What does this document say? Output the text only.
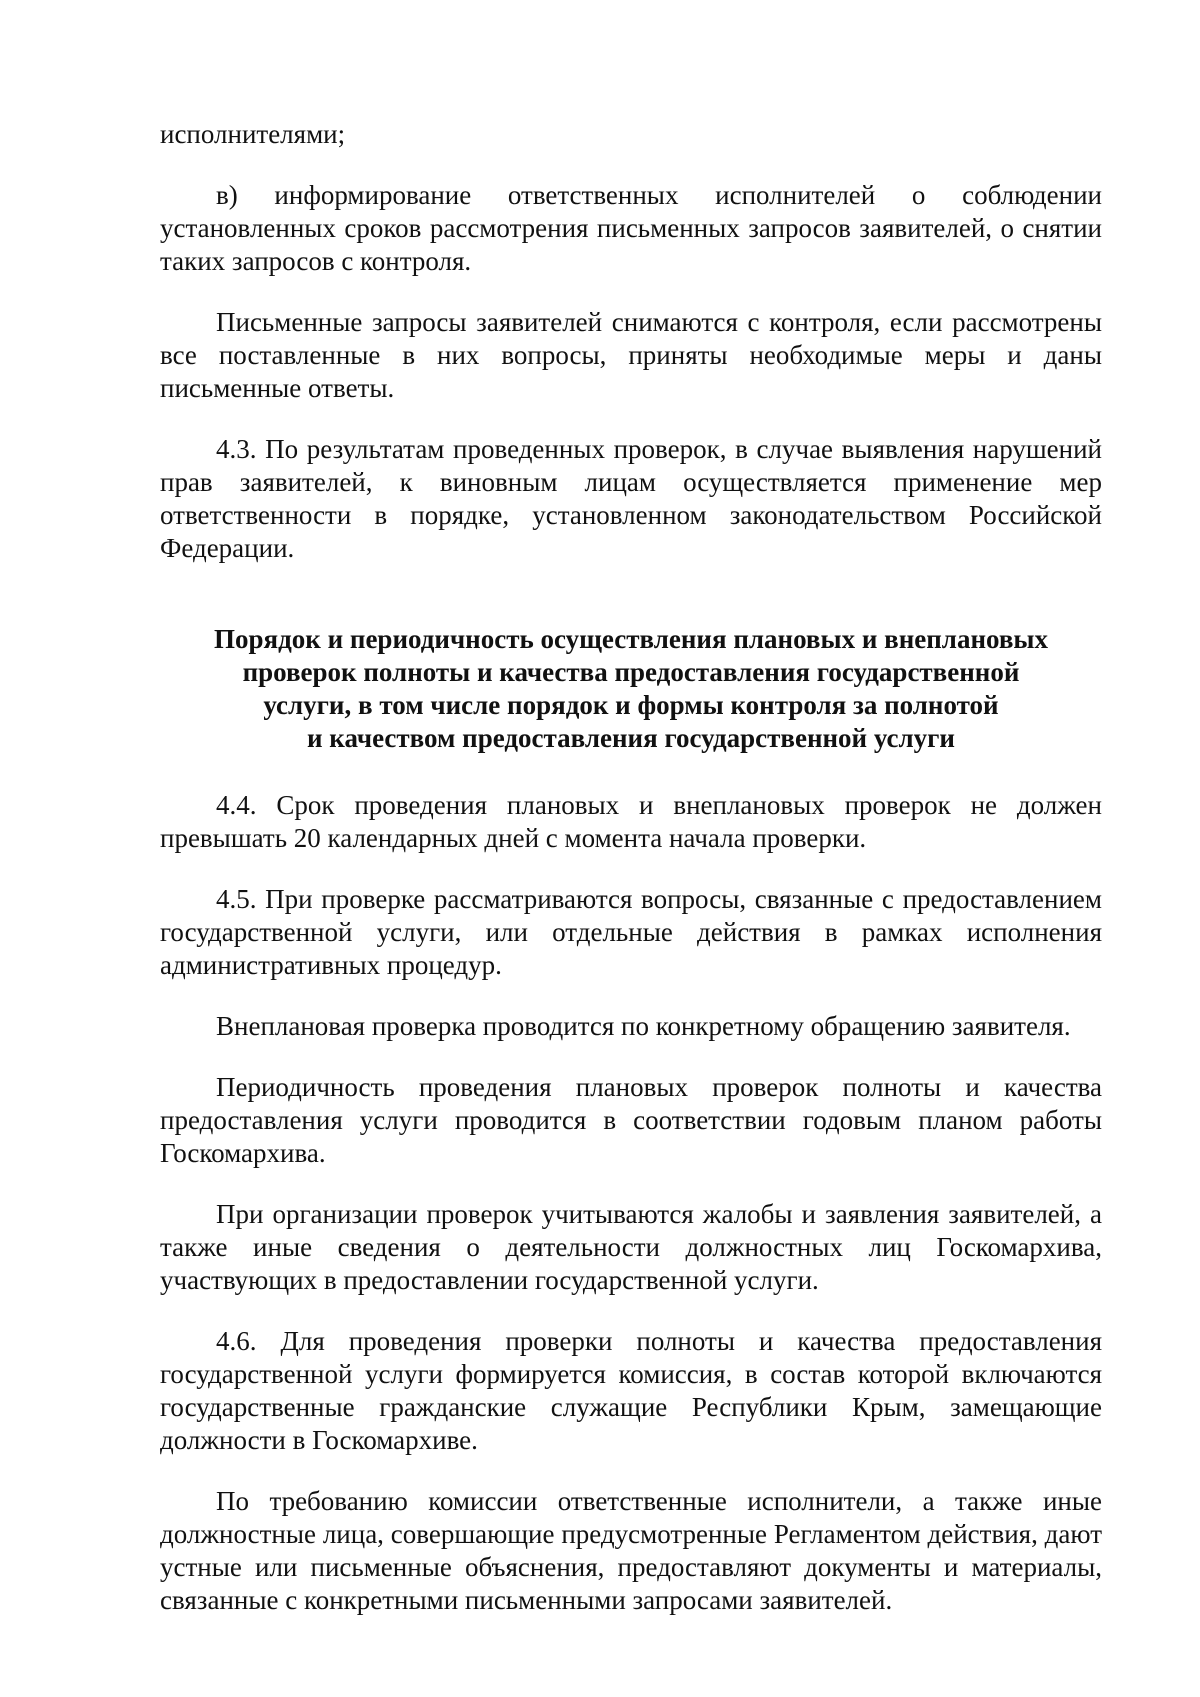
исполнителями;

в) информирование ответственных исполнителей о соблюдении установленных сроков рассмотрения письменных запросов заявителей, о снятии таких запросов с контроля.

Письменные запросы заявителей снимаются с контроля, если рассмотрены все поставленные в них вопросы, приняты необходимые меры и даны письменные ответы.

4.3. По результатам проведенных проверок, в случае выявления нарушений прав заявителей, к виновным лицам осуществляется применение мер ответственности в порядке, установленном законодательством Российской Федерации.

Порядок и периодичность осуществления плановых и внеплановых
проверок полноты и качества предоставления государственной
услуги, в том числе порядок и формы контроля за полнотой
и качеством предоставления государственной услуги

4.4. Срок проведения плановых и внеплановых проверок не должен превышать 20 календарных дней с момента начала проверки.

4.5. При проверке рассматриваются вопросы, связанные с предоставлением государственной услуги, или отдельные действия в рамках исполнения административных процедур.

Внеплановая проверка проводится по конкретному обращению заявителя.

Периодичность проведения плановых проверок полноты и качества предоставления услуги проводится в соответствии годовым планом работы Госкомархива.

При организации проверок учитываются жалобы и заявления заявителей, а также иные сведения о деятельности должностных лиц Госкомархива, участвующих в предоставлении государственной услуги.

4.6. Для проведения проверки полноты и качества предоставления государственной услуги формируется комиссия, в состав которой включаются государственные гражданские служащие Республики Крым, замещающие должности в Госкомархиве.

По требованию комиссии ответственные исполнители, а также иные должностные лица, совершающие предусмотренные Регламентом действия, дают устные или письменные объяснения, предоставляют документы и материалы, связанные с конкретными письменными запросами заявителей.
